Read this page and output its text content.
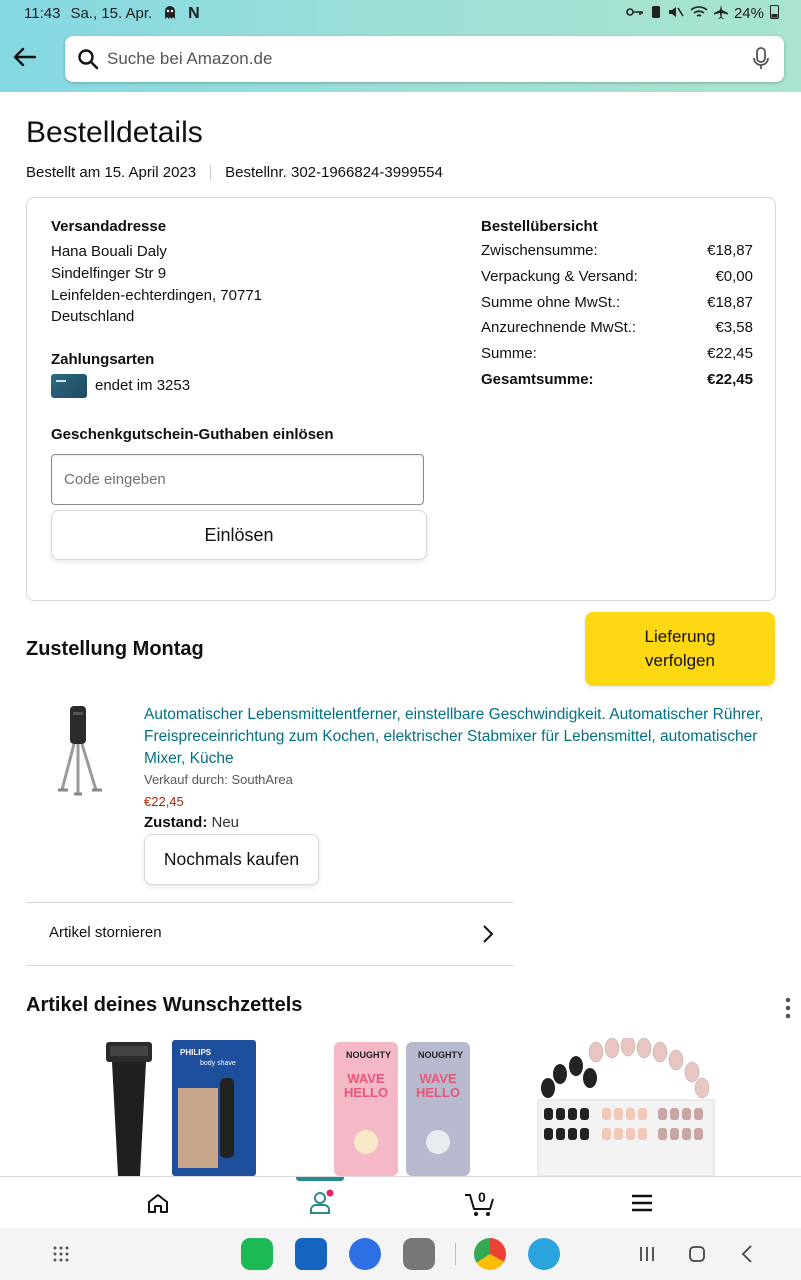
11:43 Sa., 15. Apr. N	24%
Suche bei Amazon.de
Bestelldetails
Bestellt am 15. April 2023 Bestellnr. 302-1966824-3999554
Versandadresse
Hana Bouali Daly
Sindelfinger Str 9
Leinfelden-echterdingen, 70771
Deutschland
Zahlungsarten
endet im 3253
Geschenkgutschein-Guthaben einlösen
Code eingeben
Einlösen
Bestellübersicht
Zwischensumme:	€18,87
Verpackung & Versand:	€0,00
Summe ohne MwSt.:	€18,87
Anzurechnende MwSt.:	€3,58
Summe:	€22,45
Gesamtsumme:	€22,45
Zustellung Montag
Lieferung verfolgen
Automatischer Lebensmittelentferner, einstellbare Geschwindigkeit. Automatischer Rührer, Freispreceinrichtung zum Kochen, elektrischer Stabmixer für Lebensmittel, automatischer Mixer, Küche
Verkauf durch: SouthArea
€22,45
Zustand: Neu
Nochmals kaufen
Artikel stornieren
Artikel deines Wunschzettels
PHILIPS
body shave
NOUGHTY
WAVE HELLO
NOUGHTY
WAVE HELLO
0
